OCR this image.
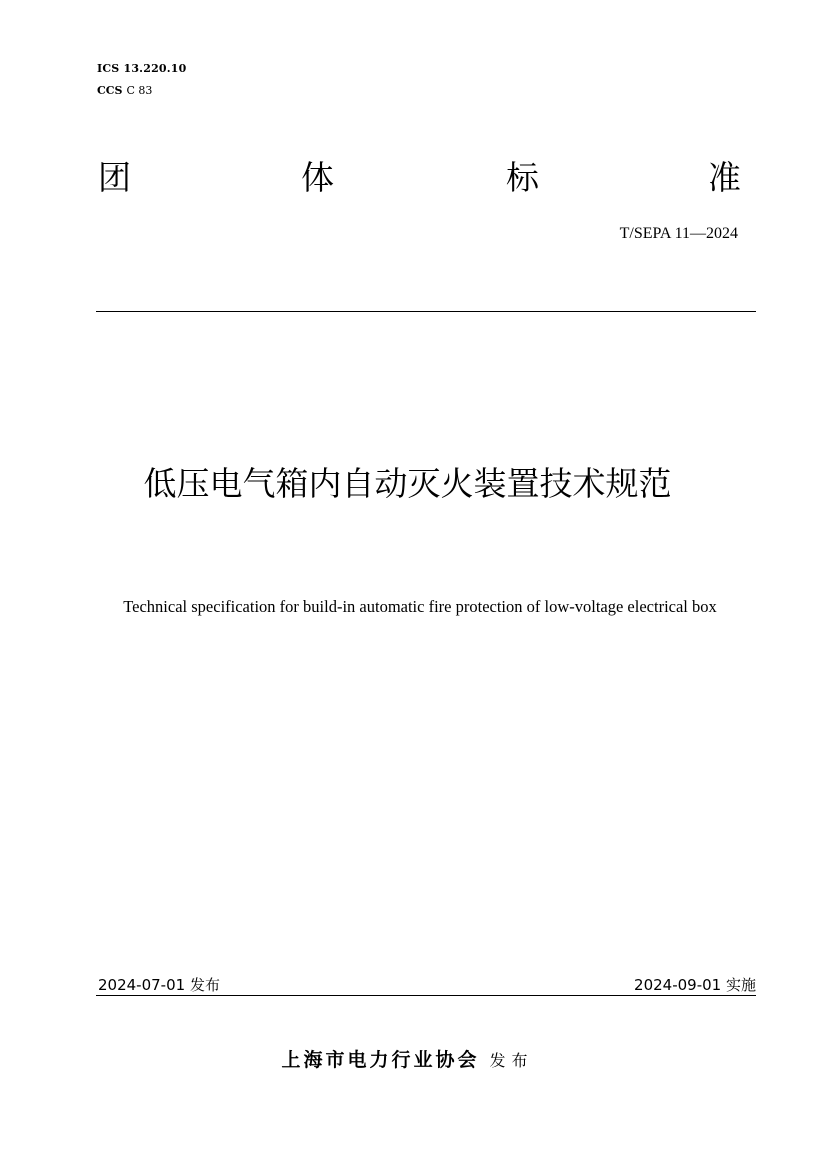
ICS 13.220.10
CCS C 83
团	体	标	准
T/SEPA 11—2024
低压电气箱内自动灭火装置技术规范
Technical specification for build-in automatic fire protection of low-voltage electrical box
2024-07-01 发布	2024-09-01 实施
上海市电力行业协会 发布
